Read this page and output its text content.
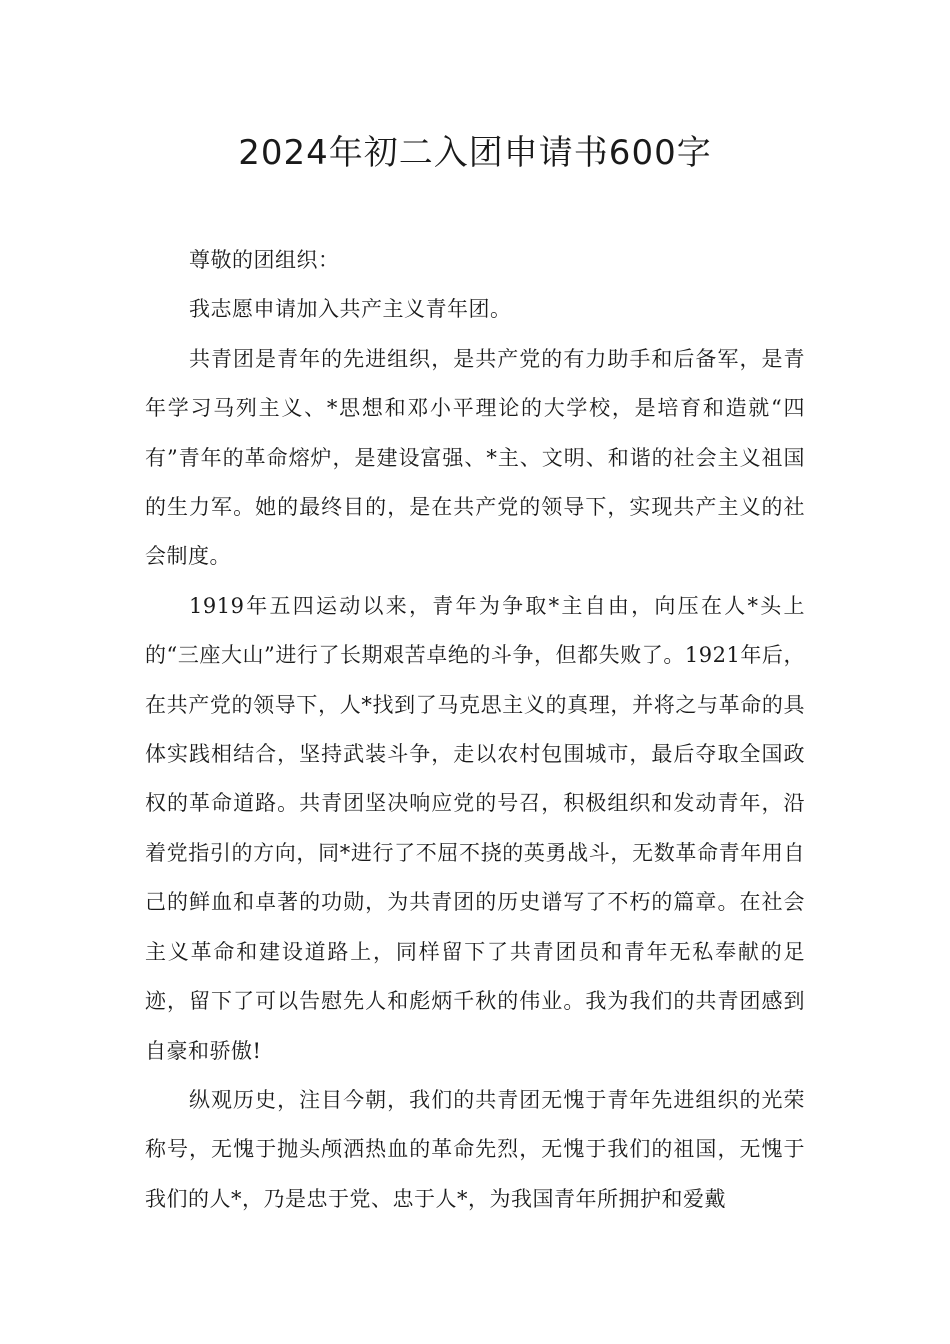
2024年初二入团申请书600字

尊敬的团组织：

我志愿申请加入共产主义青年团。

共青团是青年的先进组织，是共产党的有力助手和后备军，是青年学习马列主义、*思想和邓小平理论的大学校，是培育和造就“四有”青年的革命熔炉，是建设富强、*主、文明、和谐的社会主义祖国的生力军。她的最终目的，是在共产党的领导下，实现共产主义的社会制度。

1919年五四运动以来，青年为争取*主自由，向压在人*头上的“三座大山”进行了长期艰苦卓绝的斗争，但都失败了。1921年后，在共产党的领导下，人*找到了马克思主义的真理，并将之与革命的具体实践相结合，坚持武装斗争，走以农村包围城市，最后夺取全国政权的革命道路。共青团坚决响应党的号召，积极组织和发动青年，沿着党指引的方向，同*进行了不屈不挠的英勇战斗，无数革命青年用自己的鲜血和卓著的功勋，为共青团的历史谱写了不朽的篇章。在社会主义革命和建设道路上，同样留下了共青团员和青年无私奉献的足迹，留下了可以告慰先人和彪炳千秋的伟业。我为我们的共青团感到自豪和骄傲!

纵观历史，注目今朝，我们的共青团无愧于青年先进组织的光荣称号，无愧于抛头颅洒热血的革命先烈，无愧于我们的祖国，无愧于我们的人*，乃是忠于党、忠于人*，为我国青年所拥护和爱戴
